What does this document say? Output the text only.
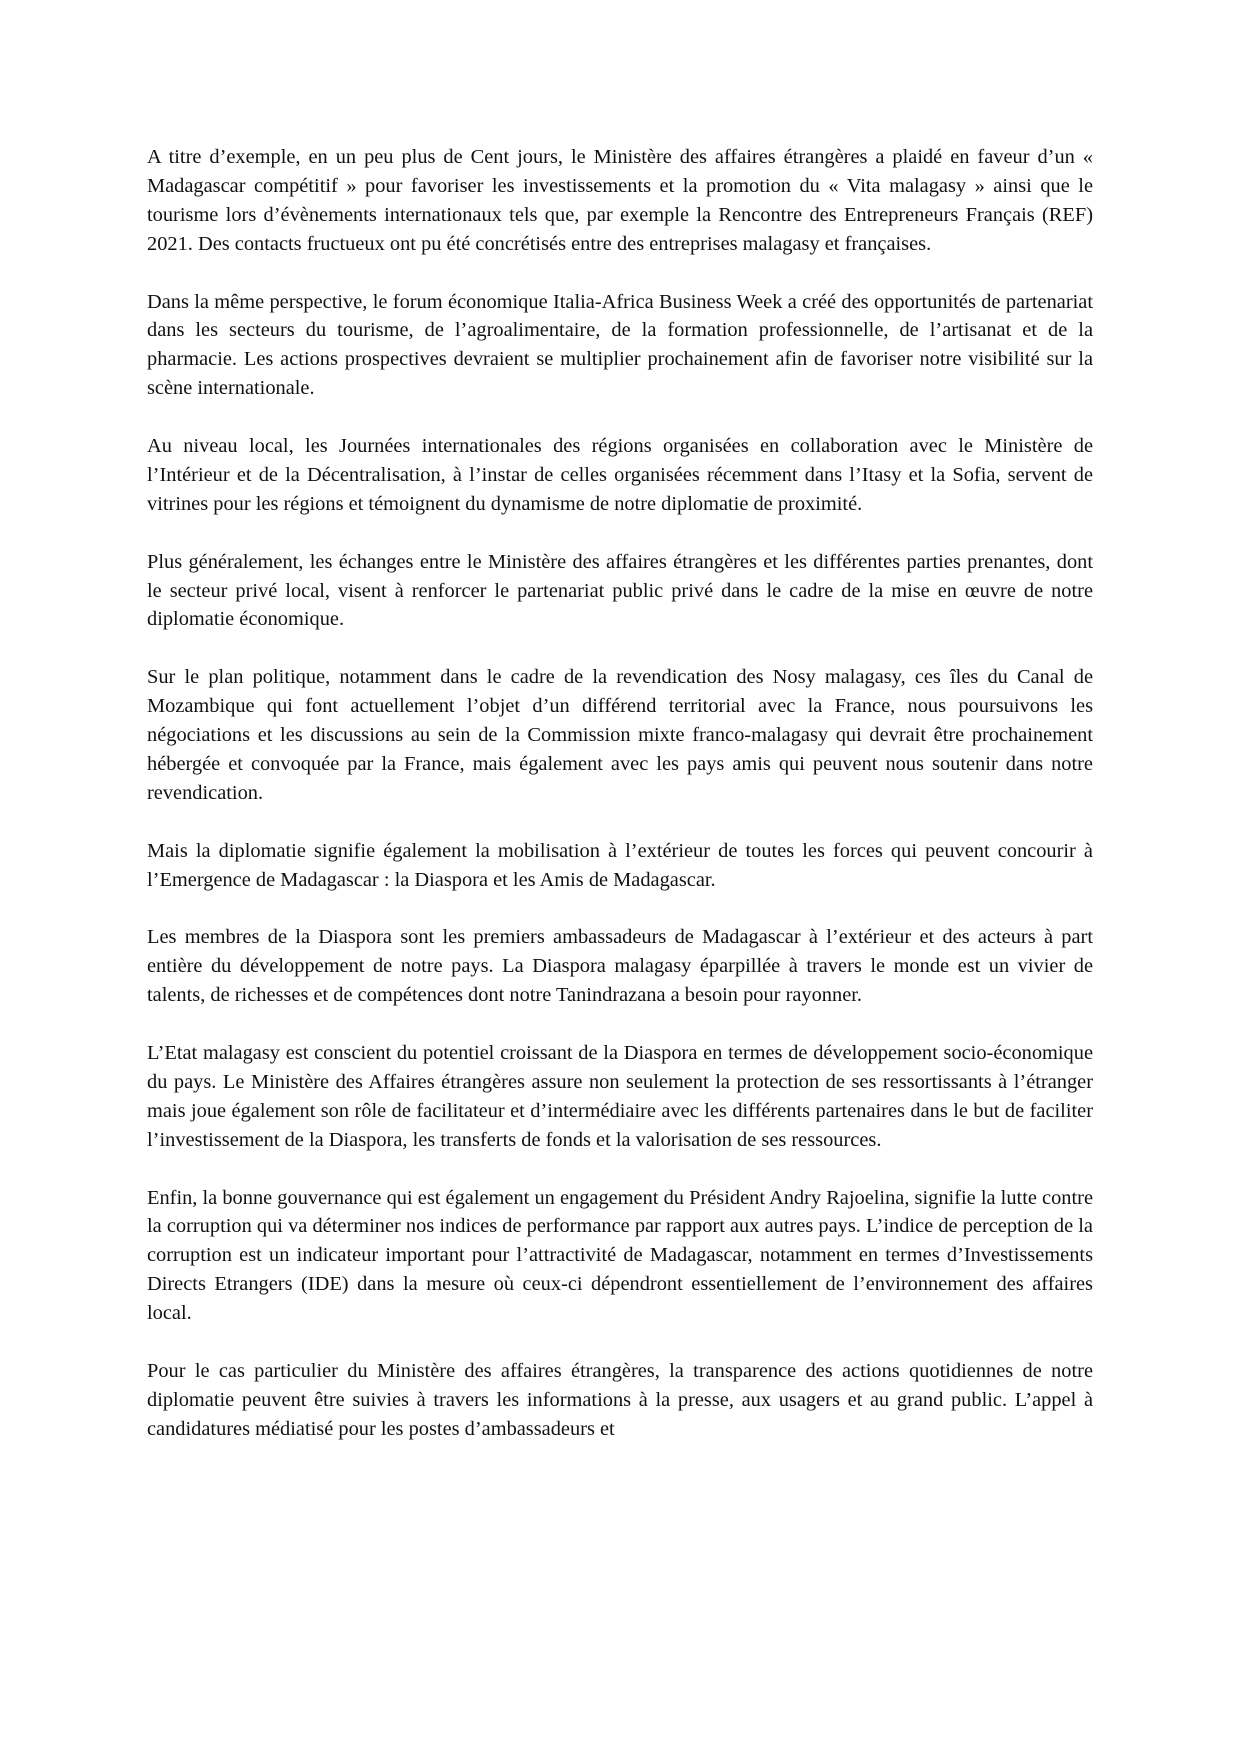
A titre d’exemple, en un peu plus de Cent jours, le Ministère des affaires étrangères a plaidé en faveur d’un « Madagascar compétitif » pour favoriser les investissements et la promotion du « Vita malagasy » ainsi que le tourisme lors d’évènements internationaux tels que, par exemple la Rencontre des Entrepreneurs Français (REF) 2021. Des contacts fructueux ont pu été concrétisés entre des entreprises malagasy et françaises.

Dans la même perspective, le forum économique Italia-Africa Business Week a créé des opportunités de partenariat dans les secteurs du tourisme, de l’agroalimentaire, de la formation professionnelle, de l’artisanat et de la pharmacie. Les actions prospectives devraient se multiplier prochainement afin de favoriser notre visibilité sur la scène internationale.

Au niveau local, les Journées internationales des régions organisées en collaboration avec le Ministère de l’Intérieur et de la Décentralisation, à l’instar de celles organisées récemment dans l’Itasy et la Sofia, servent de vitrines pour les régions et témoignent du dynamisme de notre diplomatie de proximité.

Plus généralement, les échanges entre le Ministère des affaires étrangères et les différentes parties prenantes, dont le secteur privé local, visent à renforcer le partenariat public privé dans le cadre de la mise en œuvre de notre diplomatie économique.

Sur le plan politique, notamment dans le cadre de la revendication des Nosy malagasy, ces îles du Canal de Mozambique qui font actuellement l’objet d’un différend territorial avec la France, nous poursuivons les négociations et les discussions au sein de la Commission mixte franco-malagasy qui devrait être prochainement hébergée et convoquée par la France, mais également avec les pays amis qui peuvent nous soutenir dans notre revendication.

Mais la diplomatie signifie également la mobilisation à l’extérieur de toutes les forces qui peuvent concourir à l’Emergence de Madagascar : la Diaspora et les Amis de Madagascar.

Les membres de la Diaspora sont les premiers ambassadeurs de Madagascar à l’extérieur et des acteurs à part entière du développement de notre pays. La Diaspora malagasy éparpillée à travers le monde est un vivier de talents, de richesses et de compétences dont notre Tanindrazana a besoin pour rayonner.

L’Etat malagasy est conscient du potentiel croissant de la Diaspora en termes de développement socio-économique du pays. Le Ministère des Affaires étrangères assure non seulement la protection de ses ressortissants à l’étranger mais joue également son rôle de facilitateur et d’intermédiaire avec les différents partenaires dans le but de faciliter l’investissement de la Diaspora, les transferts de fonds et la valorisation de ses ressources.

Enfin, la bonne gouvernance qui est également un engagement du Président Andry Rajoelina, signifie la lutte contre la corruption qui va déterminer nos indices de performance par rapport aux autres pays. L’indice de perception de la corruption est un indicateur important pour l’attractivité de Madagascar, notamment en termes d’Investissements Directs Etrangers (IDE) dans la mesure où ceux-ci dépendront essentiellement de l’environnement des affaires local.

Pour le cas particulier du Ministère des affaires étrangères, la transparence des actions quotidiennes de notre diplomatie peuvent être suivies à travers les informations à la presse, aux usagers et au grand public. L’appel à candidatures médiatisé pour les postes d’ambassadeurs et
